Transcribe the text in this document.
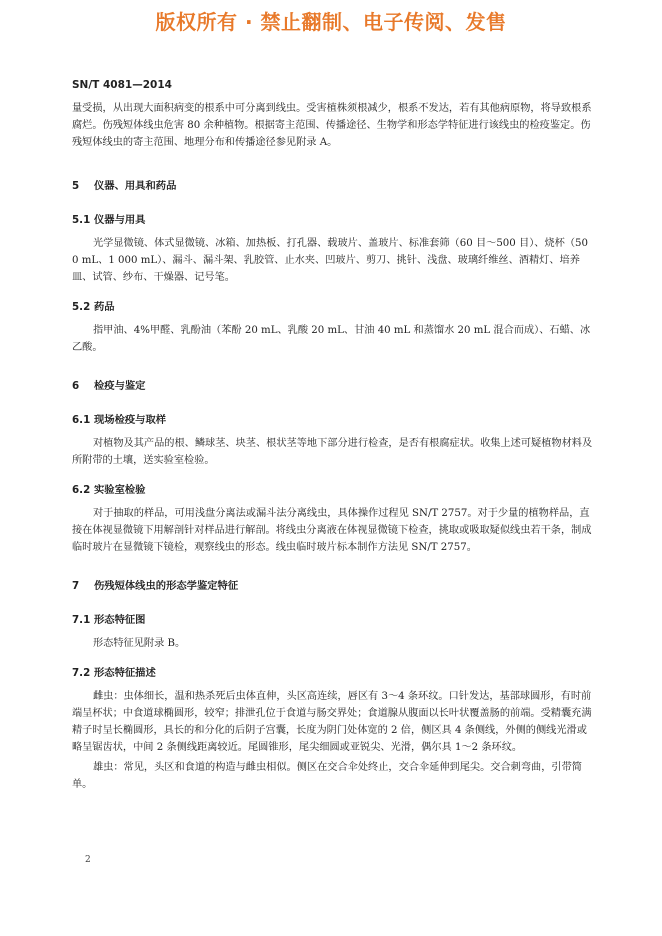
版权所有 · 禁止翻制、电子传阅、发售
SN/T 4081—2014

量受损，从出现大面积病变的根系中可分离到线虫。受害植株须根减少，根系不发达，若有其他病原物，将导致根系腐烂。伤残短体线虫危害 80 余种植物。根据寄主范围、传播途径、生物学和形态学特征进行该线虫的检疫鉴定。伤残短体线虫的寄主范围、地理分布和传播途径参见附录 A。

5 仪器、用具和药品

5.1 仪器与用具

光学显微镜、体式显微镜、冰箱、加热板、打孔器、载玻片、盖玻片、标准套筛（60 目～500 目）、烧杯（500 mL、1 000 mL）、漏斗、漏斗架、乳胶管、止水夹、凹玻片、剪刀、挑针、浅盘、玻璃纤维丝、酒精灯、培养皿、试管、纱布、干燥器、记号笔。

5.2 药品

指甲油、4%甲醛、乳酚油（苯酚 20 mL、乳酸 20 mL、甘油 40 mL 和蒸馏水 20 mL 混合而成）、石蜡、冰乙酸。

6 检疫与鉴定

6.1 现场检疫与取样

对植物及其产品的根、鳞球茎、块茎、根状茎等地下部分进行检查，是否有根腐症状。收集上述可疑植物材料及所附带的土壤，送实验室检验。

6.2 实验室检验

对于抽取的样品，可用浅盘分离法或漏斗法分离线虫，具体操作过程见 SN/T 2757。对于少量的植物样品，直接在体视显微镜下用解剖针对样品进行解剖。将线虫分离液在体视显微镜下检查，挑取或吸取疑似线虫若干条，制成临时玻片在显微镜下镜检，观察线虫的形态。线虫临时玻片标本制作方法见 SN/T 2757。

7 伤残短体线虫的形态学鉴定特征

7.1 形态特征图

形态特征见附录 B。

7.2 形态特征描述

雌虫：虫体细长，温和热杀死后虫体直伸，头区高连续，唇区有 3～4 条环纹。口针发达，基部球圆形，有时前端呈杯状；中食道球椭圆形，较窄；排泄孔位于食道与肠交界处；食道腺从腹面以长叶状覆盖肠的前端。受精囊充满精子时呈长椭圆形，具长的和分化的后阴子宫囊，长度为阴门处体宽的 2 倍，侧区具 4 条侧线，外侧的侧线光滑或略呈锯齿状，中间 2 条侧线距离较近。尾圆锥形，尾尖细圆或亚锐尖、光滑，偶尔具 1～2 条环纹。

雄虫：常见，头区和食道的构造与雌虫相似。侧区在交合伞处终止，交合伞延伸到尾尖。交合刺弯曲，引带简单。

2
